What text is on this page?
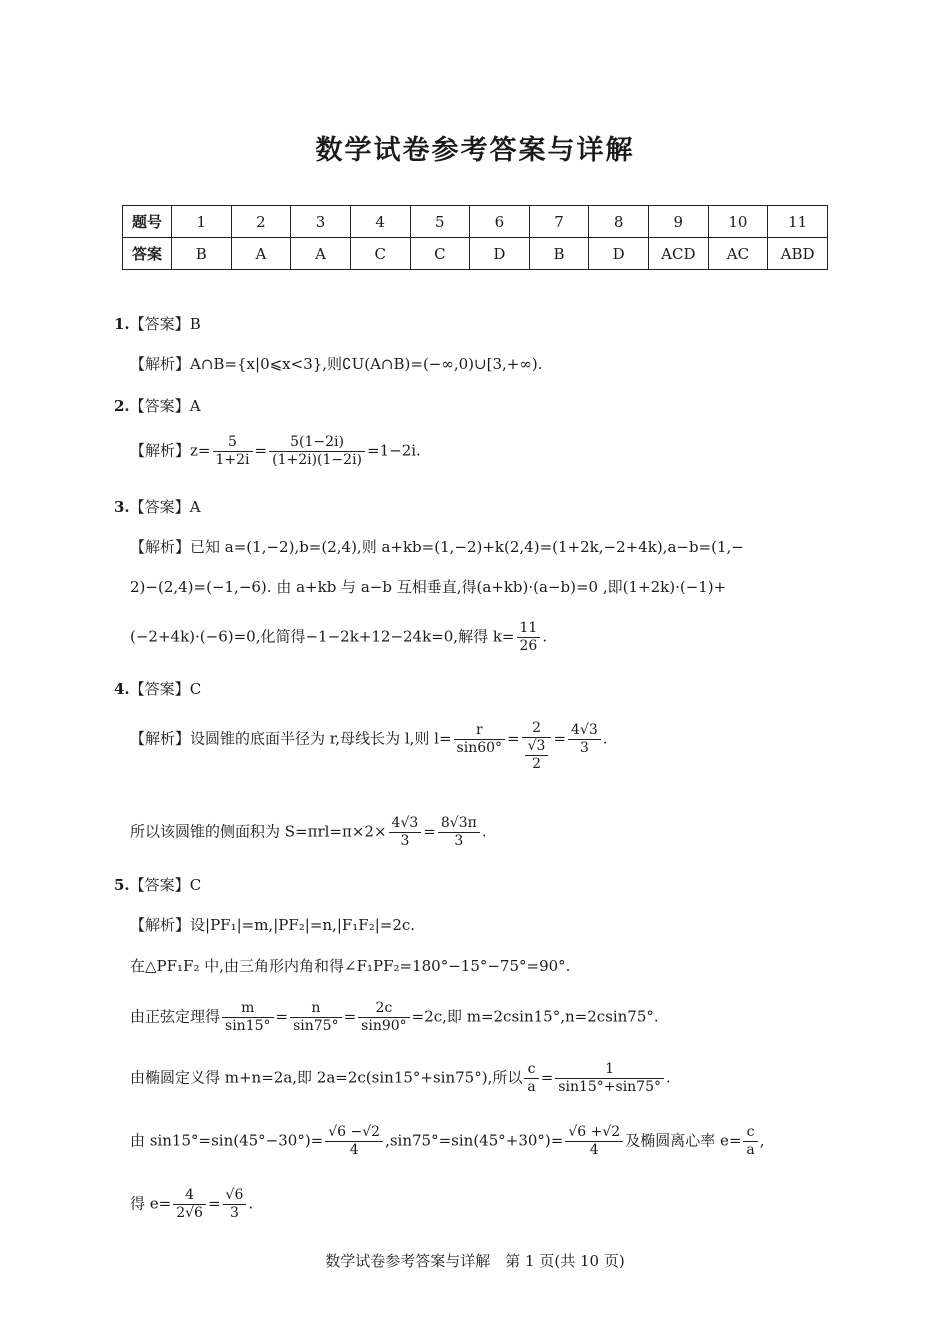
数学试卷参考答案与详解
题号	1	2	3	4	5	6	7	8	9	10	11
答案	B	A	A	C	C	D	B	D	ACD	AC	ABD
1.【答案】B
【解析】A∩B={x|0⩽x<3},则∁U(A∩B)=(−∞,0)∪[3,+∞).
2.【答案】A
【解析】$z= \frac{5}{1+2i} = \frac{5(1-2i)}{(1+2i)(1-2i)} =1-2i$.
3.【答案】A
【解析】已知 a=(1,−2),b=(2,4),则 a+kb=(1,−2)+k(2,4)=(1+2k,−2+4k),a−b=(1,−
2)−(2,4)=(−1,−6). 由 a+kb 与 a−b 互相垂直,得(a+kb)·(a−b)=0 ,即(1+2k)·(−1)+
(−2+4k)·(−6)=0,化简得−1−2k+12−24k=0,解得 $k= \frac{11}{26}$ .
4.【答案】C
【解析】设圆锥的底面半径为 r,母线长为 l,则 $l= \frac{r}{\sin 60^\circ} = \frac{2}{\frac{√3}{2}} = \frac{4√3}{3}$ .
所以该圆锥的侧面积为 $S=\pi rl=\pi\times 2\times \frac{4√3}{3} = \frac{8√3\pi}{3}$ .
5.【答案】C
【解析】设|PF₁|=m,|PF₂|=n,|F₁F₂|=2c.
在△PF₁F₂ 中,由三角形内角和得∠F₁PF₂=180°−15°−75°=90°.
由正弦定理得 $\frac{m}{\sin 15^\circ} = \frac{n}{\sin 75^\circ} = \frac{2c}{\sin 90^\circ} =2c$,即 m=2csin15°,n=2csin75°.
由椭圆定义得 m+n=2a,即 2a=2c(sin15°+sin75°),所以 $\frac{c}{a} = \frac{1}{\sin 15^\circ+\sin 75^\circ}$ .
由 $\sin 15^\circ=\sin(45^\circ-30^\circ)= \frac{√6 -√2}{4} ,\sin 75^\circ=\sin(45^\circ+30^\circ)= \frac{√6 +√2}{4}$ 及椭圆离心率 $e= \frac{c}{a}$ ,
得 $e= \frac{4}{2√6} = \frac{√6}{3}$ .
数学试卷参考答案与详解　第 1 页(共 10 页)
